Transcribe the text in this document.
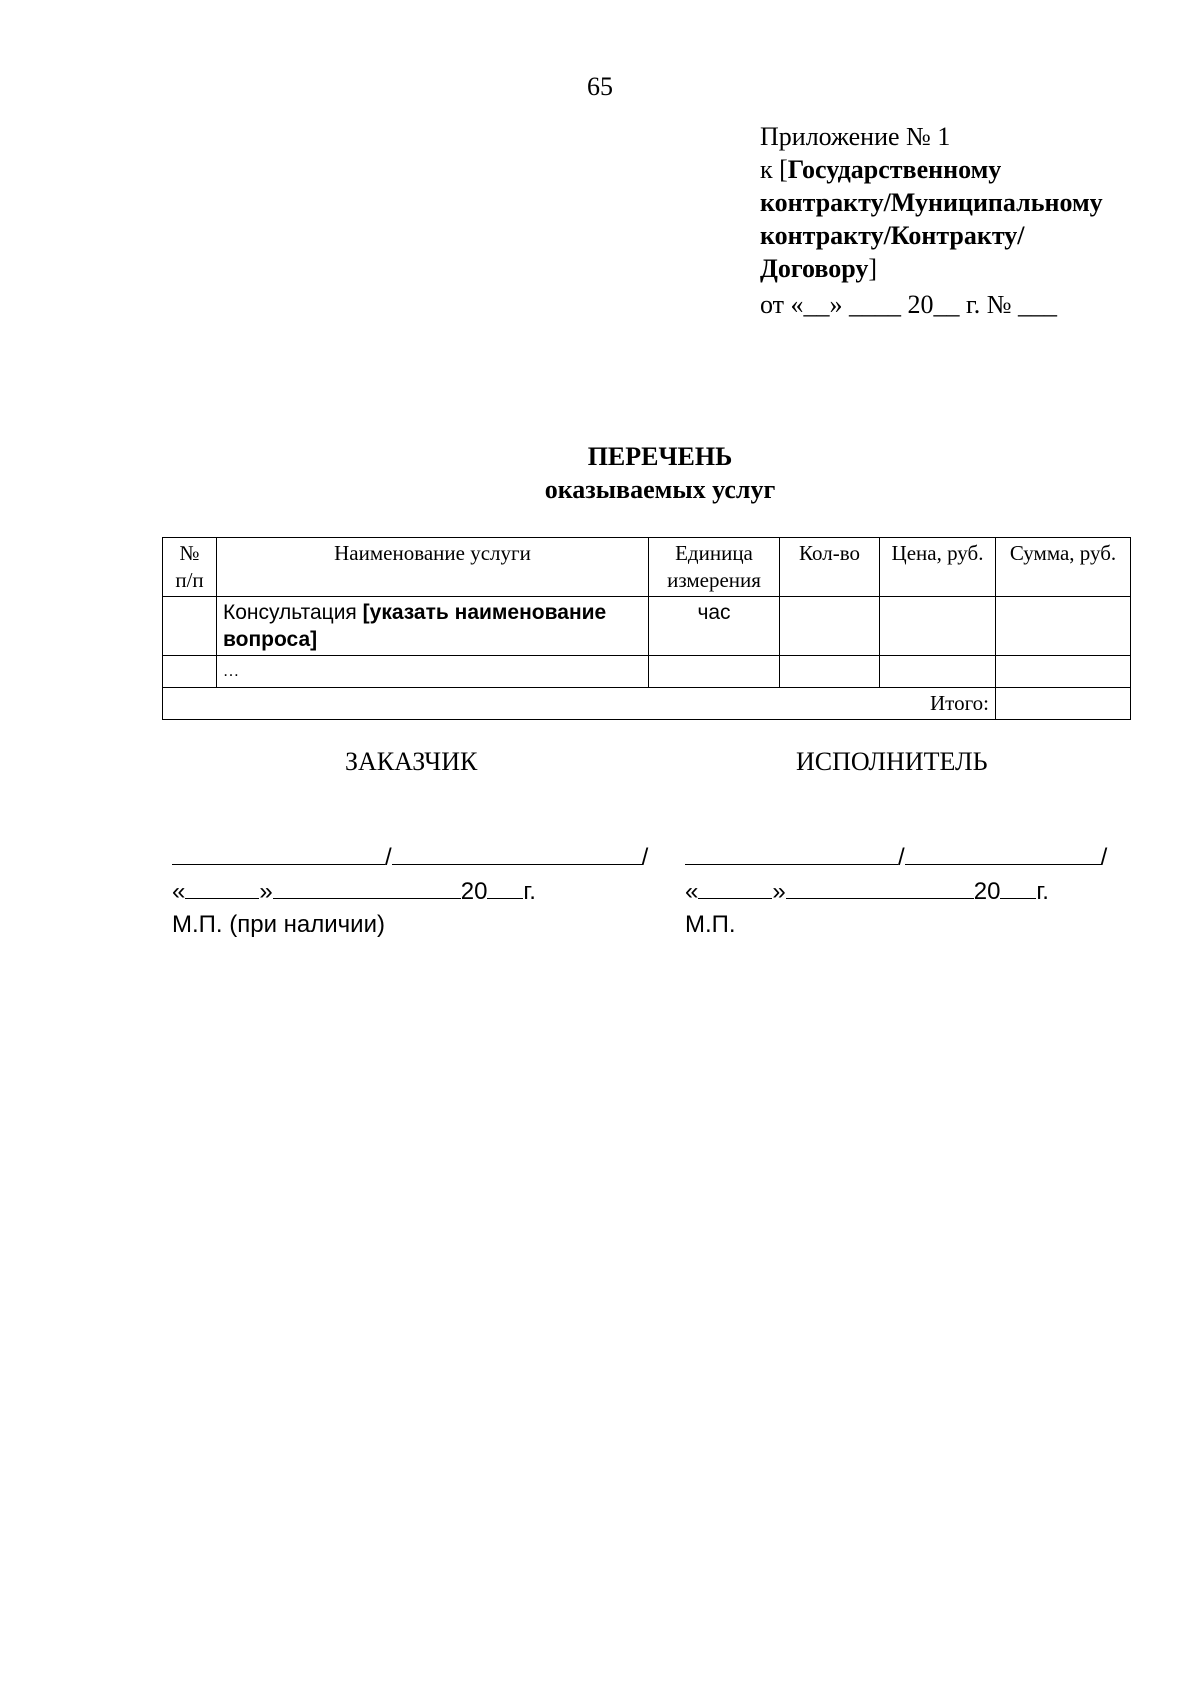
65
Приложение № 1
к [Государственному
контракту/Муниципальному
контракту/Контракту/
Договору]
от «__» ____ 20__ г. № ___
ПЕРЕЧЕНЬ
оказываемых услуг
№ п/п	Наименование услуги	Единица измерения	Кол-во	Цена, руб.	Сумма, руб.
	Консультация [указать наименование вопроса]	час			
	…				
Итого:					
ЗАКАЗЧИК	ИСПОЛНИТЕЛЬ
/	/
«	»	20 г.
М.П. (при наличии)
/	/
«	»	20 г.
М.П.
